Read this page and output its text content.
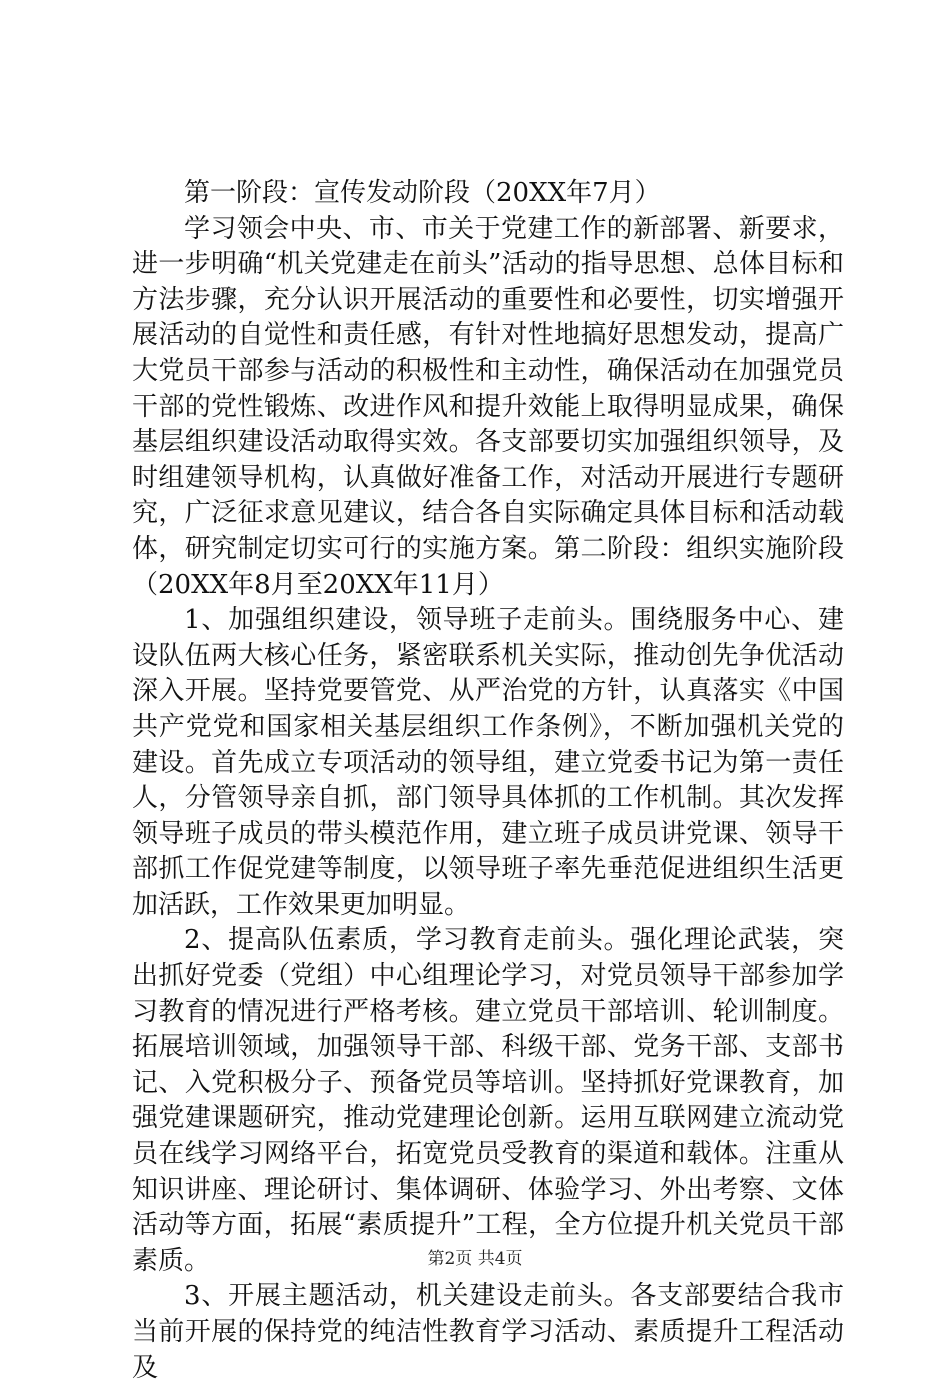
第一阶段：宣传发动阶段（20XX年7月）

学习领会中央、市、市关于党建工作的新部署、新要求，进一步明确“机关党建走在前头”活动的指导思想、总体目标和方法步骤，充分认识开展活动的重要性和必要性，切实增强开展活动的自觉性和责任感，有针对性地搞好思想发动，提高广大党员干部参与活动的积极性和主动性，确保活动在加强党员干部的党性锻炼、改进作风和提升效能上取得明显成果，确保基层组织建设活动取得实效。各支部要切实加强组织领导，及时组建领导机构，认真做好准备工作，对活动开展进行专题研究，广泛征求意见建议，结合各自实际确定具体目标和活动载体，研究制定切实可行的实施方案。第二阶段：组织实施阶段（20XX年8月至20XX年11月）

1、加强组织建设，领导班子走前头。围绕服务中心、建设队伍两大核心任务，紧密联系机关实际，推动创先争优活动深入开展。坚持党要管党、从严治党的方针，认真落实《中国共产党党和国家相关基层组织工作条例》，不断加强机关党的建设。首先成立专项活动的领导组，建立党委书记为第一责任人，分管领导亲自抓，部门领导具体抓的工作机制。其次发挥领导班子成员的带头模范作用，建立班子成员讲党课、领导干部抓工作促党建等制度，以领导班子率先垂范促进组织生活更加活跃，工作效果更加明显。

2、提高队伍素质，学习教育走前头。强化理论武装，突出抓好党委（党组）中心组理论学习，对党员领导干部参加学习教育的情况进行严格考核。建立党员干部培训、轮训制度。拓展培训领域，加强领导干部、科级干部、党务干部、支部书记、入党积极分子、预备党员等培训。坚持抓好党课教育，加强党建课题研究，推动党建理论创新。运用互联网建立流动党员在线学习网络平台，拓宽党员受教育的渠道和载体。注重从知识讲座、理论研讨、集体调研、体验学习、外出考察、文体活动等方面，拓展“素质提升”工程，全方位提升机关党员干部素质。

3、开展主题活动，机关建设走前头。各支部要结合我市当前开展的保持党的纯洁性教育学习活动、素质提升工程活动及

第2页 共4页
